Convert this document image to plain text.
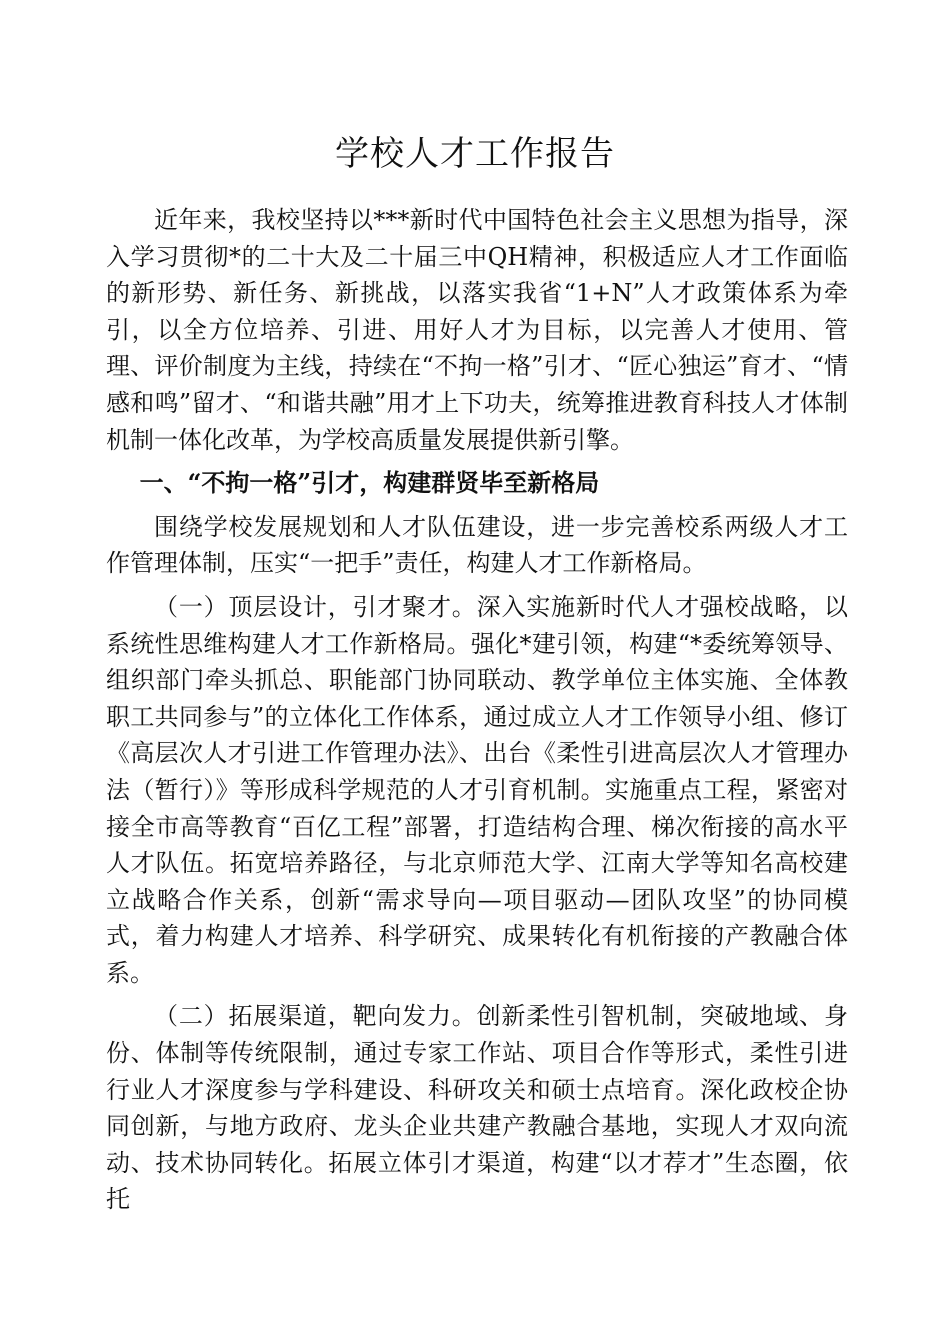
学校人才工作报告

近年来，我校坚持以***新时代中国特色社会主义思想为指导，深入学习贯彻*的二十大及二十届三中QH精神，积极适应人才工作面临的新形势、新任务、新挑战，以落实我省“1+N”人才政策体系为牵引，以全方位培养、引进、用好人才为目标，以完善人才使用、管理、评价制度为主线，持续在“不拘一格”引才、“匠心独运”育才、“情感和鸣”留才、“和谐共融”用才上下功夫，统筹推进教育科技人才体制机制一体化改革，为学校高质量发展提供新引擎。

一、“不拘一格”引才，构建群贤毕至新格局

围绕学校发展规划和人才队伍建设，进一步完善校系两级人才工作管理体制，压实“一把手”责任，构建人才工作新格局。

（一）顶层设计，引才聚才。深入实施新时代人才强校战略，以系统性思维构建人才工作新格局。强化*建引领，构建“*委统筹领导、组织部门牵头抓总、职能部门协同联动、教学单位主体实施、全体教职工共同参与”的立体化工作体系，通过成立人才工作领导小组、修订《高层次人才引进工作管理办法》、出台《柔性引进高层次人才管理办法（暂行）》等形成科学规范的人才引育机制。实施重点工程，紧密对接全市高等教育“百亿工程”部署，打造结构合理、梯次衔接的高水平人才队伍。拓宽培养路径，与北京师范大学、江南大学等知名高校建立战略合作关系，创新“需求导向—项目驱动—团队攻坚”的协同模式，着力构建人才培养、科学研究、成果转化有机衔接的产教融合体系。

（二）拓展渠道，靶向发力。创新柔性引智机制，突破地域、身份、体制等传统限制，通过专家工作站、项目合作等形式，柔性引进行业人才深度参与学科建设、科研攻关和硕士点培育。深化政校企协同创新，与地方政府、龙头企业共建产教融合基地，实现人才双向流动、技术协同转化。拓展立体引才渠道，构建“以才荐才”生态圈，依托
